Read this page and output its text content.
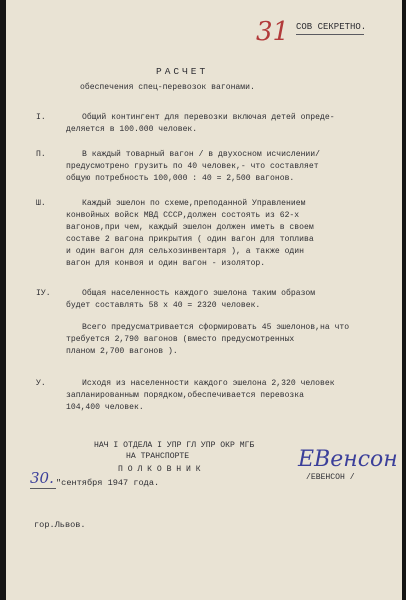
31 СОВ СЕКРЕТНО.
РАСЧЕТ
обеспечения спец-перевозок вагонами.
I.	Общий контингент для перевозки включая детей опреде-
деляется в 100.000 человек.
П.	В каждый товарный вагон / в двухосном исчислении/
предусмотрено грузить по 40 человек,- что составляет
общую потребность 100,000 : 40 = 2,500 вагонов.
Ш.	Каждый эшелон по схеме,преподанной Управлением
конвойных войск МВД СССР,должен состоять из 62-х
вагонов,при чем, каждый эшелон должен иметь в своем
составе 2 вагона прикрытия ( один вагон для топлива
и один вагон для сельхозинвентаря ), а также один
вагон для конвоя и один вагон - изолятор.
IУ.	Общая населенность каждого эшелона таким образом
будет составлять 58 х 40 = 2320 человек.
Всего предусматривается сформировать 45 эшелонов,на что
требуется 2,790 вагонов (вместо предусмотренных
планом 2,700 вагонов ).
У.	Исходя из населенности каждого эшелона 2,320 человек
запланированным порядком,обеспечивается перевозка
104,400 человек.
НАЧ I ОТДЕЛА I УПР ГЛ УПР ОКР МГБ
НА ТРАНСПОРТЕ
П О Л К О В Н И К	ЕВенсон
/ЕВЕНСОН /
30. "сентября 1947 года.
гор.Львов.
